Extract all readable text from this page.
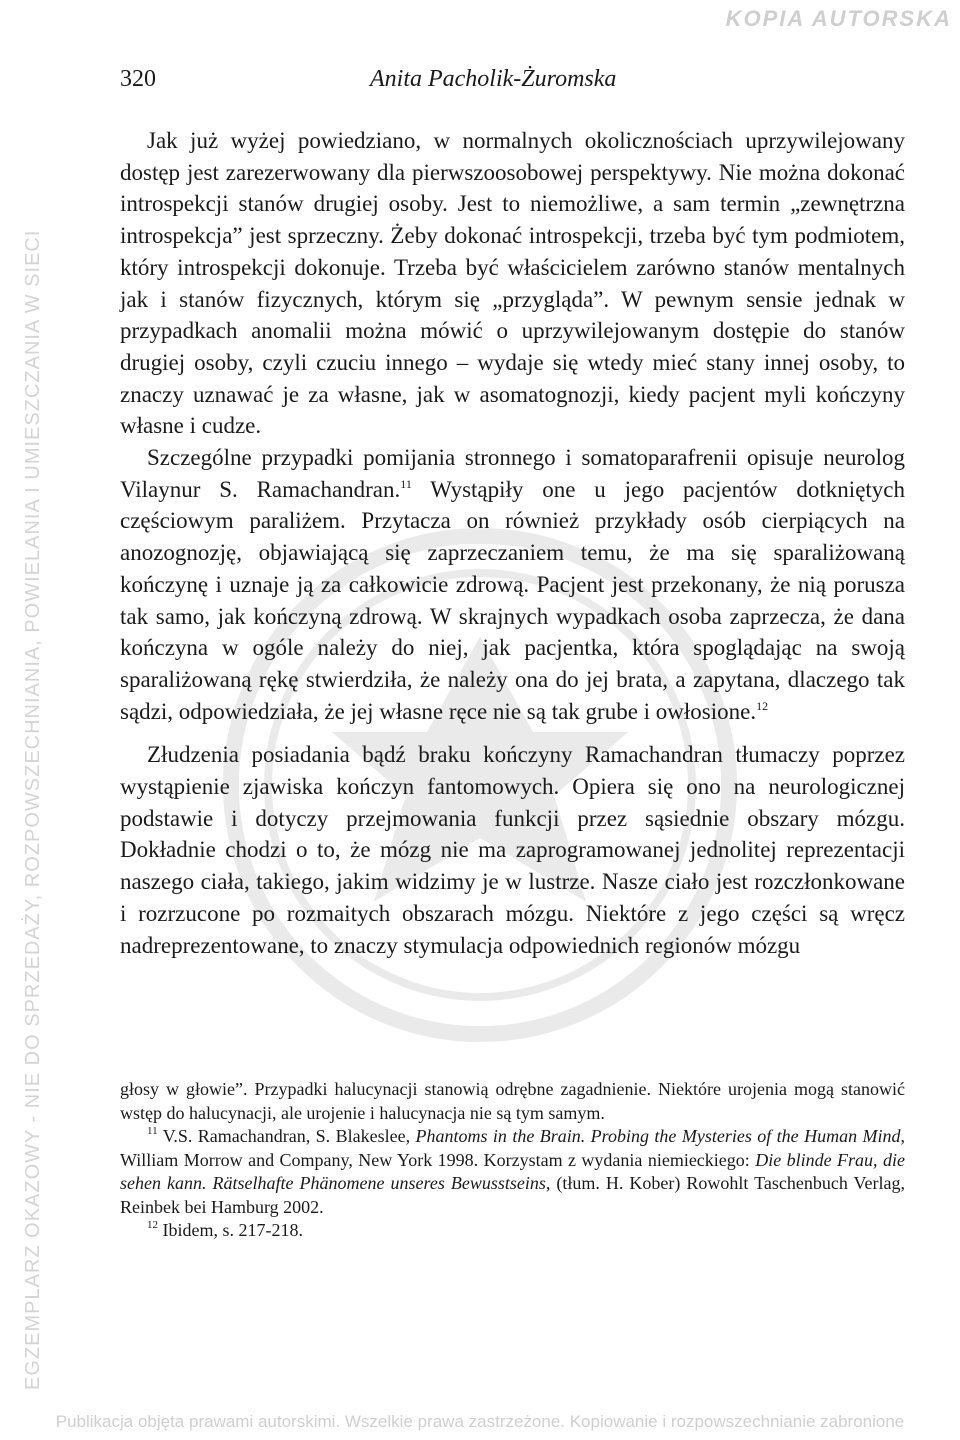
KOPIA AUTORSKA
EGZEMPLARZ OKAZOWY - NIE DO SPRZEDAŻY, ROZPOWSZECHNIANIA, POWIELANIA I UMIESZCZANIA W SIECI
320	Anita Pacholik-Żuromska

Jak już wyżej powiedziano, w normalnych okolicznościach uprzywilejowany dostęp jest zarezerwowany dla pierwszoosobowej perspektywy. Nie można dokonać introspekcji stanów drugiej osoby. Jest to niemożliwe, a sam termin „zewnętrzna introspekcja” jest sprzeczny. Żeby dokonać introspekcji, trzeba być tym podmiotem, który introspekcji dokonuje. Trzeba być właścicielem zarówno stanów mentalnych jak i stanów fizycznych, którym się „przygląda”. W pewnym sensie jednak w przypadkach anomalii można mówić o uprzywilejowanym dostępie do stanów drugiej osoby, czyli czuciu innego – wydaje się wtedy mieć stany innej osoby, to znaczy uznawać je za własne, jak w asomatognozji, kiedy pacjent myli kończyny własne i cudze.

Szczególne przypadki pomijania stronnego i somatoparafrenii opisuje neurolog Vilaynur S. Ramachandran.$^{11}$ Wystąpiły one u jego pacjentów dotkniętych częściowym paraliżem. Przytacza on również przykłady osób cierpiących na anozognozję, objawiającą się zaprzeczaniem temu, że ma się sparaliżowaną kończynę i uznaje ją za całkowicie zdrową. Pacjent jest przekonany, że nią porusza tak samo, jak kończyną zdrową. W skrajnych wypadkach osoba zaprzecza, że dana kończyna w ogóle należy do niej, jak pacjentka, która spoglądając na swoją sparaliżowaną rękę stwierdziła, że należy ona do jej brata, a zapytana, dlaczego tak sądzi, odpowiedziała, że jej własne ręce nie są tak grube i owłosione.$^{12}$

Złudzenia posiadania bądź braku kończyny Ramachandran tłumaczy poprzez wystąpienie zjawiska kończyn fantomowych. Opiera się ono na neurologicznej podstawie i dotyczy przejmowania funkcji przez sąsiednie obszary mózgu. Dokładnie chodzi o to, że mózg nie ma zaprogramowanej jednolitej reprezentacji naszego ciała, takiego, jakim widzimy je w lustrze. Nasze ciało jest rozczłonkowane i rozrzucone po rozmaitych obszarach mózgu. Niektóre z jego części są wręcz nadreprezentowane, to znaczy stymulacja odpowiednich regionów mózgu

głosy w głowie”. Przypadki halucynacji stanowią odrębne zagadnienie. Niektóre urojenia mogą stanowić wstęp do halucynacji, ale urojenie i halucynacja nie są tym samym.

$^{11}$ V.S. Ramachandran, S. Blakeslee, Phantoms in the Brain. Probing the Mysteries of the Human Mind, William Morrow and Company, New York 1998. Korzystam z wydania niemieckiego: Die blinde Frau, die sehen kann. Rätselhafte Phänomene unseres Bewusstseins, (tłum. H. Kober) Rowohlt Taschenbuch Verlag, Reinbek bei Hamburg 2002.

$^{12}$ Ibidem, s. 217-218.

Publikacja objęta prawami autorskimi. Wszelkie prawa zastrzeżone. Kopiowanie i rozpowszechnianie zabronione
